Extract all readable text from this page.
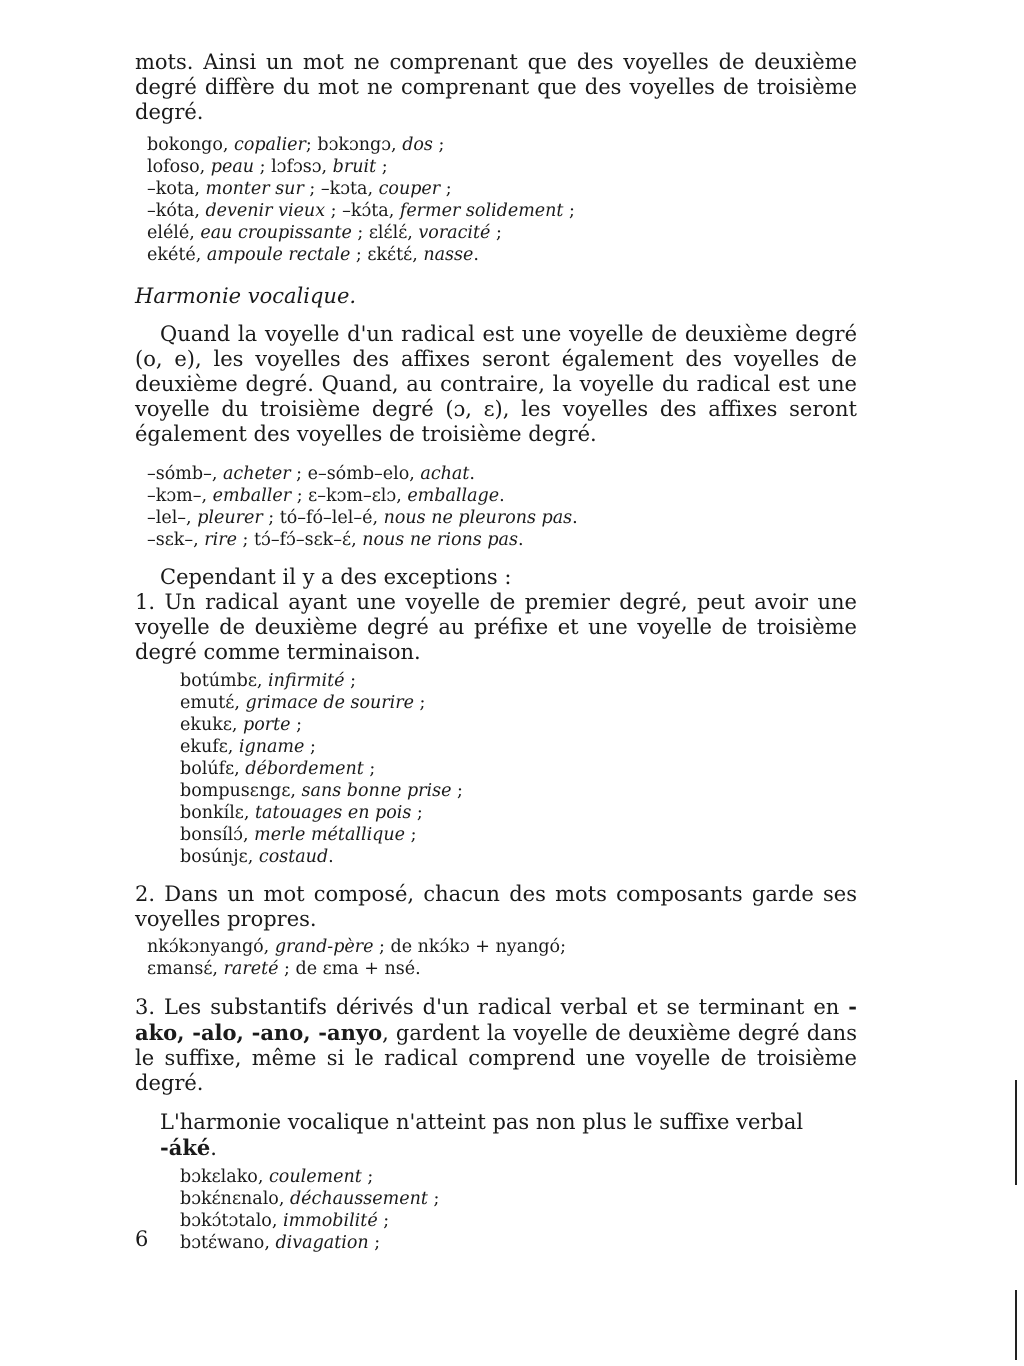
mots. Ainsi un mot ne comprenant que des voyelles de deuxième degré diffère du mot ne comprenant que des voyelles de troisième degré.

bokongo, copalier; bɔkɔngɔ, dos ;
lofoso, peau ; lɔfɔsɔ, bruit ;
–kota, monter sur ; –kɔta, couper ;
–kóta, devenir vieux ; –kɔ́ta, fermer solidement ;
elélé, eau croupissante ; ɛlɛ́lɛ́, voracité ;
ekété, ampoule rectale ; ɛkɛ́tɛ́, nasse.

Harmonie vocalique.

Quand la voyelle d'un radical est une voyelle de deuxième degré (o, e), les voyelles des affixes seront également des voyelles de deuxième degré. Quand, au contraire, la voyelle du radical est une voyelle du troisième degré (ɔ, ɛ), les voyelles des affixes seront également des voyelles de troisième degré.

–sómb–, acheter ; e–sómb–elo, achat.
–kɔm–, emballer ; ɛ–kɔm–ɛlɔ, emballage.
–lel–, pleurer ; tó–fó–lel–é, nous ne pleurons pas.
–sɛk–, rire ; tɔ́–fɔ́–sɛk–ɛ́, nous ne rions pas.

Cependant il y a des exceptions :

1. Un radical ayant une voyelle de premier degré, peut avoir une voyelle de deuxième degré au préfixe et une voyelle de troisième degré comme terminaison.

botúmbɛ, infirmité ;
emutɛ́, grimace de sourire ;
ekukɛ, porte ;
ekufɛ, igname ;
bolúfɛ, débordement ;
bompusɛngɛ, sans bonne prise ;
bonkílɛ, tatouages en pois ;
bonsílɔ́, merle métallique ;
bosúnjɛ, costaud.

2. Dans un mot composé, chacun des mots composants garde ses voyelles propres.

nkɔ́kɔnyangó, grand-père ; de nkɔ́kɔ + nyangó;
ɛmansɛ́, rareté ; de ɛma + nsé.

3. Les substantifs dérivés d'un radical verbal et se terminant en -ako, -alo, -ano, -anyo, gardent la voyelle de deuxième degré dans le suffixe, même si le radical comprend une voyelle de troisième degré.

L'harmonie vocalique n'atteint pas non plus le suffixe verbal -áké.

bɔkɛlako, coulement ;
bɔkɛ́nɛnalo, déchaussement ;
bɔkɔ́tɔtalo, immobilité ;
bɔtɛ́wano, divagation ;
6
